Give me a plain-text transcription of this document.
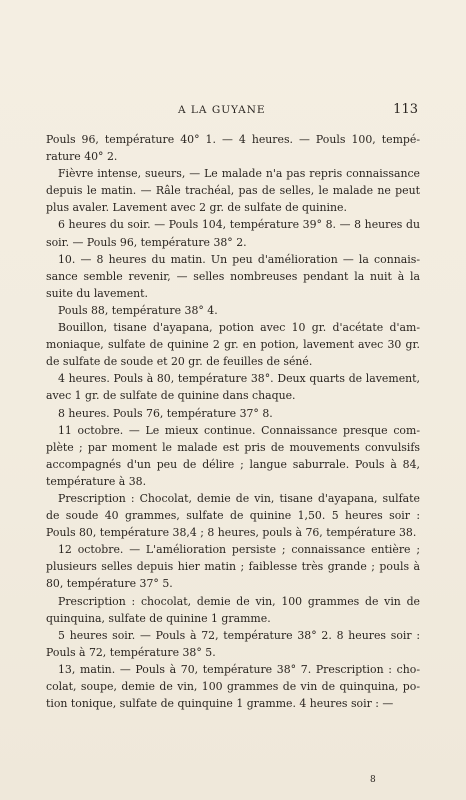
A LA GUYANE	113

Pouls 96, température 40° 1. — 4 heures. — Pouls 100, température 40° 2.

Fièvre intense, sueurs, — Le malade n'a pas repris connaissance depuis le matin. — Râle trachéal, pas de selles, le malade ne peut plus avaler. Lavement avec 2 gr. de sulfate de quinine.

6 heures du soir. — Pouls 104, température 39° 8. — 8 heures du soir. — Pouls 96, température 38° 2.

10. — 8 heures du matin. Un peu d'amélioration — la connaissance semble revenir, — selles nombreuses pendant la nuit à la suite du lavement.

Pouls 88, température 38° 4.

Bouillon, tisane d'ayapana, potion avec 10 gr. d'acétate d'ammoniaque, sulfate de quinine 2 gr. en potion, lavement avec 30 gr. de sulfate de soude et 20 gr. de feuilles de séné.

4 heures. Pouls à 80, température 38°. Deux quarts de lavement, avec 1 gr. de sulfate de quinine dans chaque.

8 heures. Pouls 76, température 37° 8.

11 octobre. — Le mieux continue. Connaissance presque complète ; par moment le malade est pris de mouvements convulsifs accompagnés d'un peu de délire ; langue saburrale. Pouls à 84, température à 38.

Prescription : Chocolat, demie de vin, tisane d'ayapana, sulfate de soude 40 grammes, sulfate de quinine 1,50. 5 heures soir : Pouls 80, température 38,4 ; 8 heures, pouls à 76, température 38.

12 octobre. — L'amélioration persiste ; connaissance entière ; plusieurs selles depuis hier matin ; faiblesse très grande ; pouls à 80, température 37° 5.

Prescription : chocolat, demie de vin, 100 grammes de vin de quinquina, sulfate de quinine 1 gramme.

5 heures soir. — Pouls à 72, température 38° 2. 8 heures soir : Pouls à 72, température 38° 5.

13, matin. — Pouls à 70, température 38° 7. Prescription : chocolat, soupe, demie de vin, 100 grammes de vin de quinquina, potion tonique, sulfate de quinquine 1 gramme. 4 heures soir : —

8
